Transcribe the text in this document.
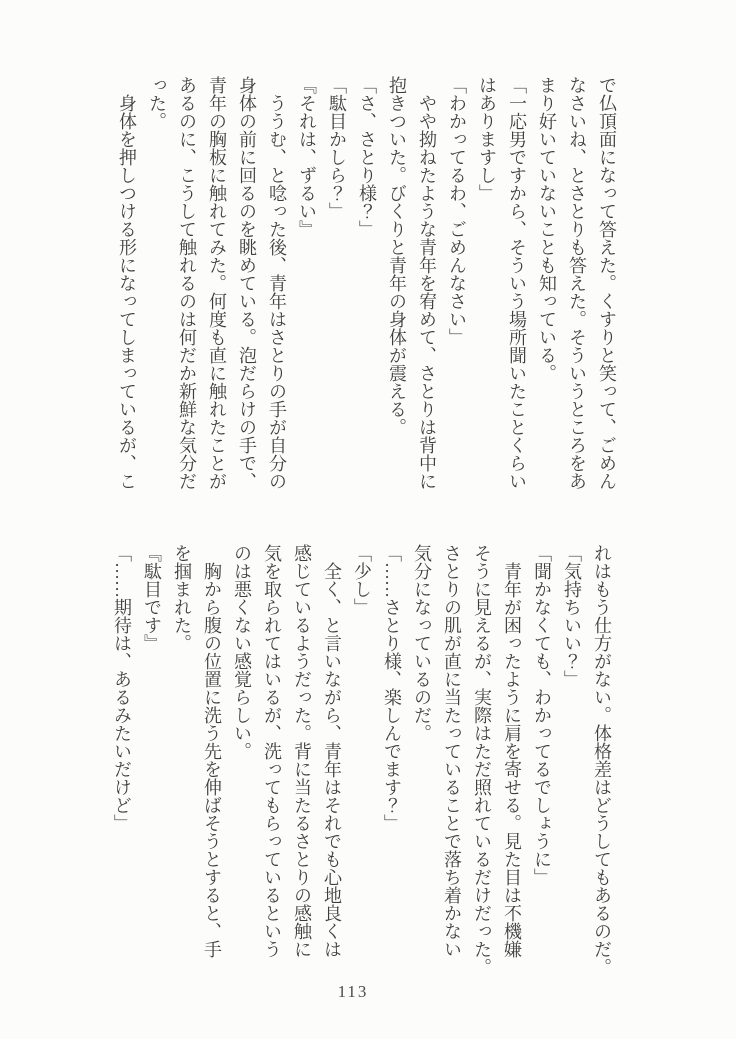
で仏頂面になって答えた。くすりと笑って、ごめん

なさいね、とさとりも答えた。そういうところをあ

まり好いていないことも知っている。

「一応男ですから、そういう場所聞いたことくらい

はありますし」

「わかってるわ、ごめんなさい」

やや拗ねたような青年を宥めて、さとりは背中に

抱きついた。びくりと青年の身体が震える。

「さ、さとり様？」

「駄目かしら？」

『それは、ずるい』

ううむ、と唸った後、青年はさとりの手が自分の

身体の前に回るのを眺めている。泡だらけの手で、

青年の胸板に触れてみた。何度も直に触れたことが

あるのに、こうして触れるのは何だか新鮮な気分だ

った。

身体を押しつける形になってしまっているが、こ

れはもう仕方がない。体格差はどうしてもあるのだ。

「気持ちいい？」

「聞かなくても、わかってるでしょうに」

青年が困ったように肩を寄せる。見た目は不機嫌

そうに見えるが、実際はただ照れているだけだった。

さとりの肌が直に当たっていることで落ち着かない

気分になっているのだ。

「……さとり様、楽しんでます？」

「少し」

全く、と言いながら、青年はそれでも心地良くは

感じているようだった。背に当たるさとりの感触に

気を取られてはいるが、洗ってもらっているという

のは悪くない感覚らしい。

胸から腹の位置に洗う先を伸ばそうとすると、手

を掴まれた。

『駄目です』

「……期待は、あるみたいだけど」

113
